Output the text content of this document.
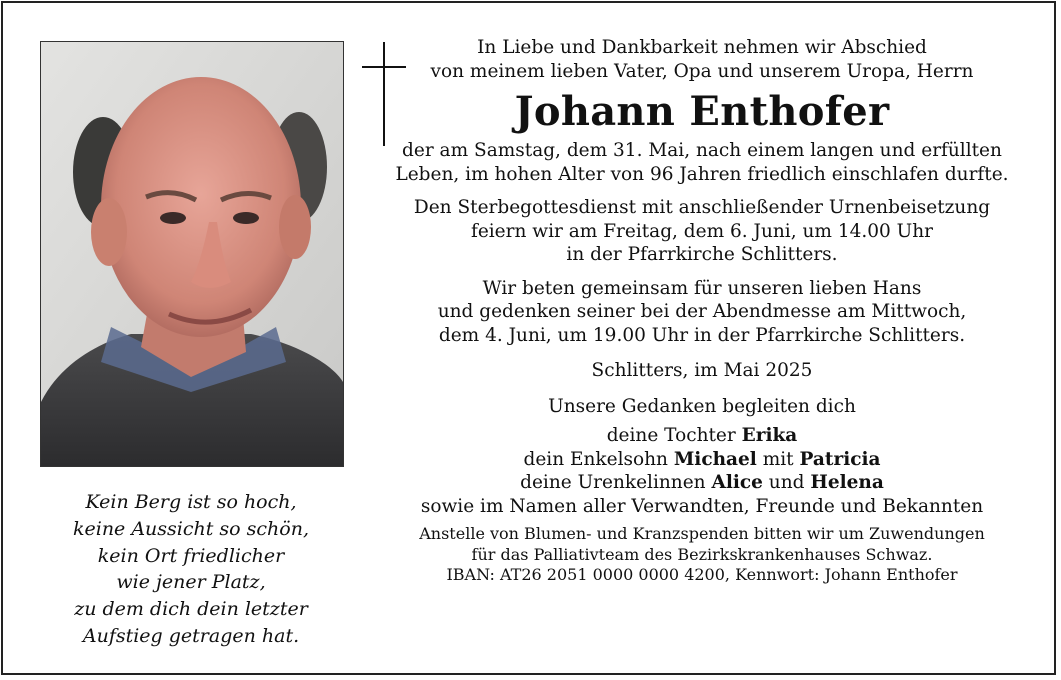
Kein Berg ist so hoch,
keine Aussicht so schön,
kein Ort friedlicher
wie jener Platz,
zu dem dich dein letzter
Aufstieg getragen hat.
In Liebe und Dankbarkeit nehmen wir Abschied
von meinem lieben Vater, Opa und unserem Uropa, Herrn
Johann Enthofer
der am Samstag, dem 31. Mai, nach einem langen und erfüllten
Leben, im hohen Alter von 96 Jahren friedlich einschlafen durfte.
Den Sterbegottesdienst mit anschließender Urnenbeisetzung
feiern wir am Freitag, dem 6. Juni, um 14.00 Uhr
in der Pfarrkirche Schlitters.
Wir beten gemeinsam für unseren lieben Hans
und gedenken seiner bei der Abendmesse am Mittwoch,
dem 4. Juni, um 19.00 Uhr in der Pfarrkirche Schlitters.
Schlitters, im Mai 2025
Unsere Gedanken begleiten dich
deine Tochter Erika
dein Enkelsohn Michael mit Patricia
deine Urenkelinnen Alice und Helena
sowie im Namen aller Verwandten, Freunde und Bekannten
Anstelle von Blumen- und Kranzspenden bitten wir um Zuwendungen
für das Palliativteam des Bezirkskrankenhauses Schwaz.
IBAN: AT26 2051 0000 0000 4200, Kennwort: Johann Enthofer
